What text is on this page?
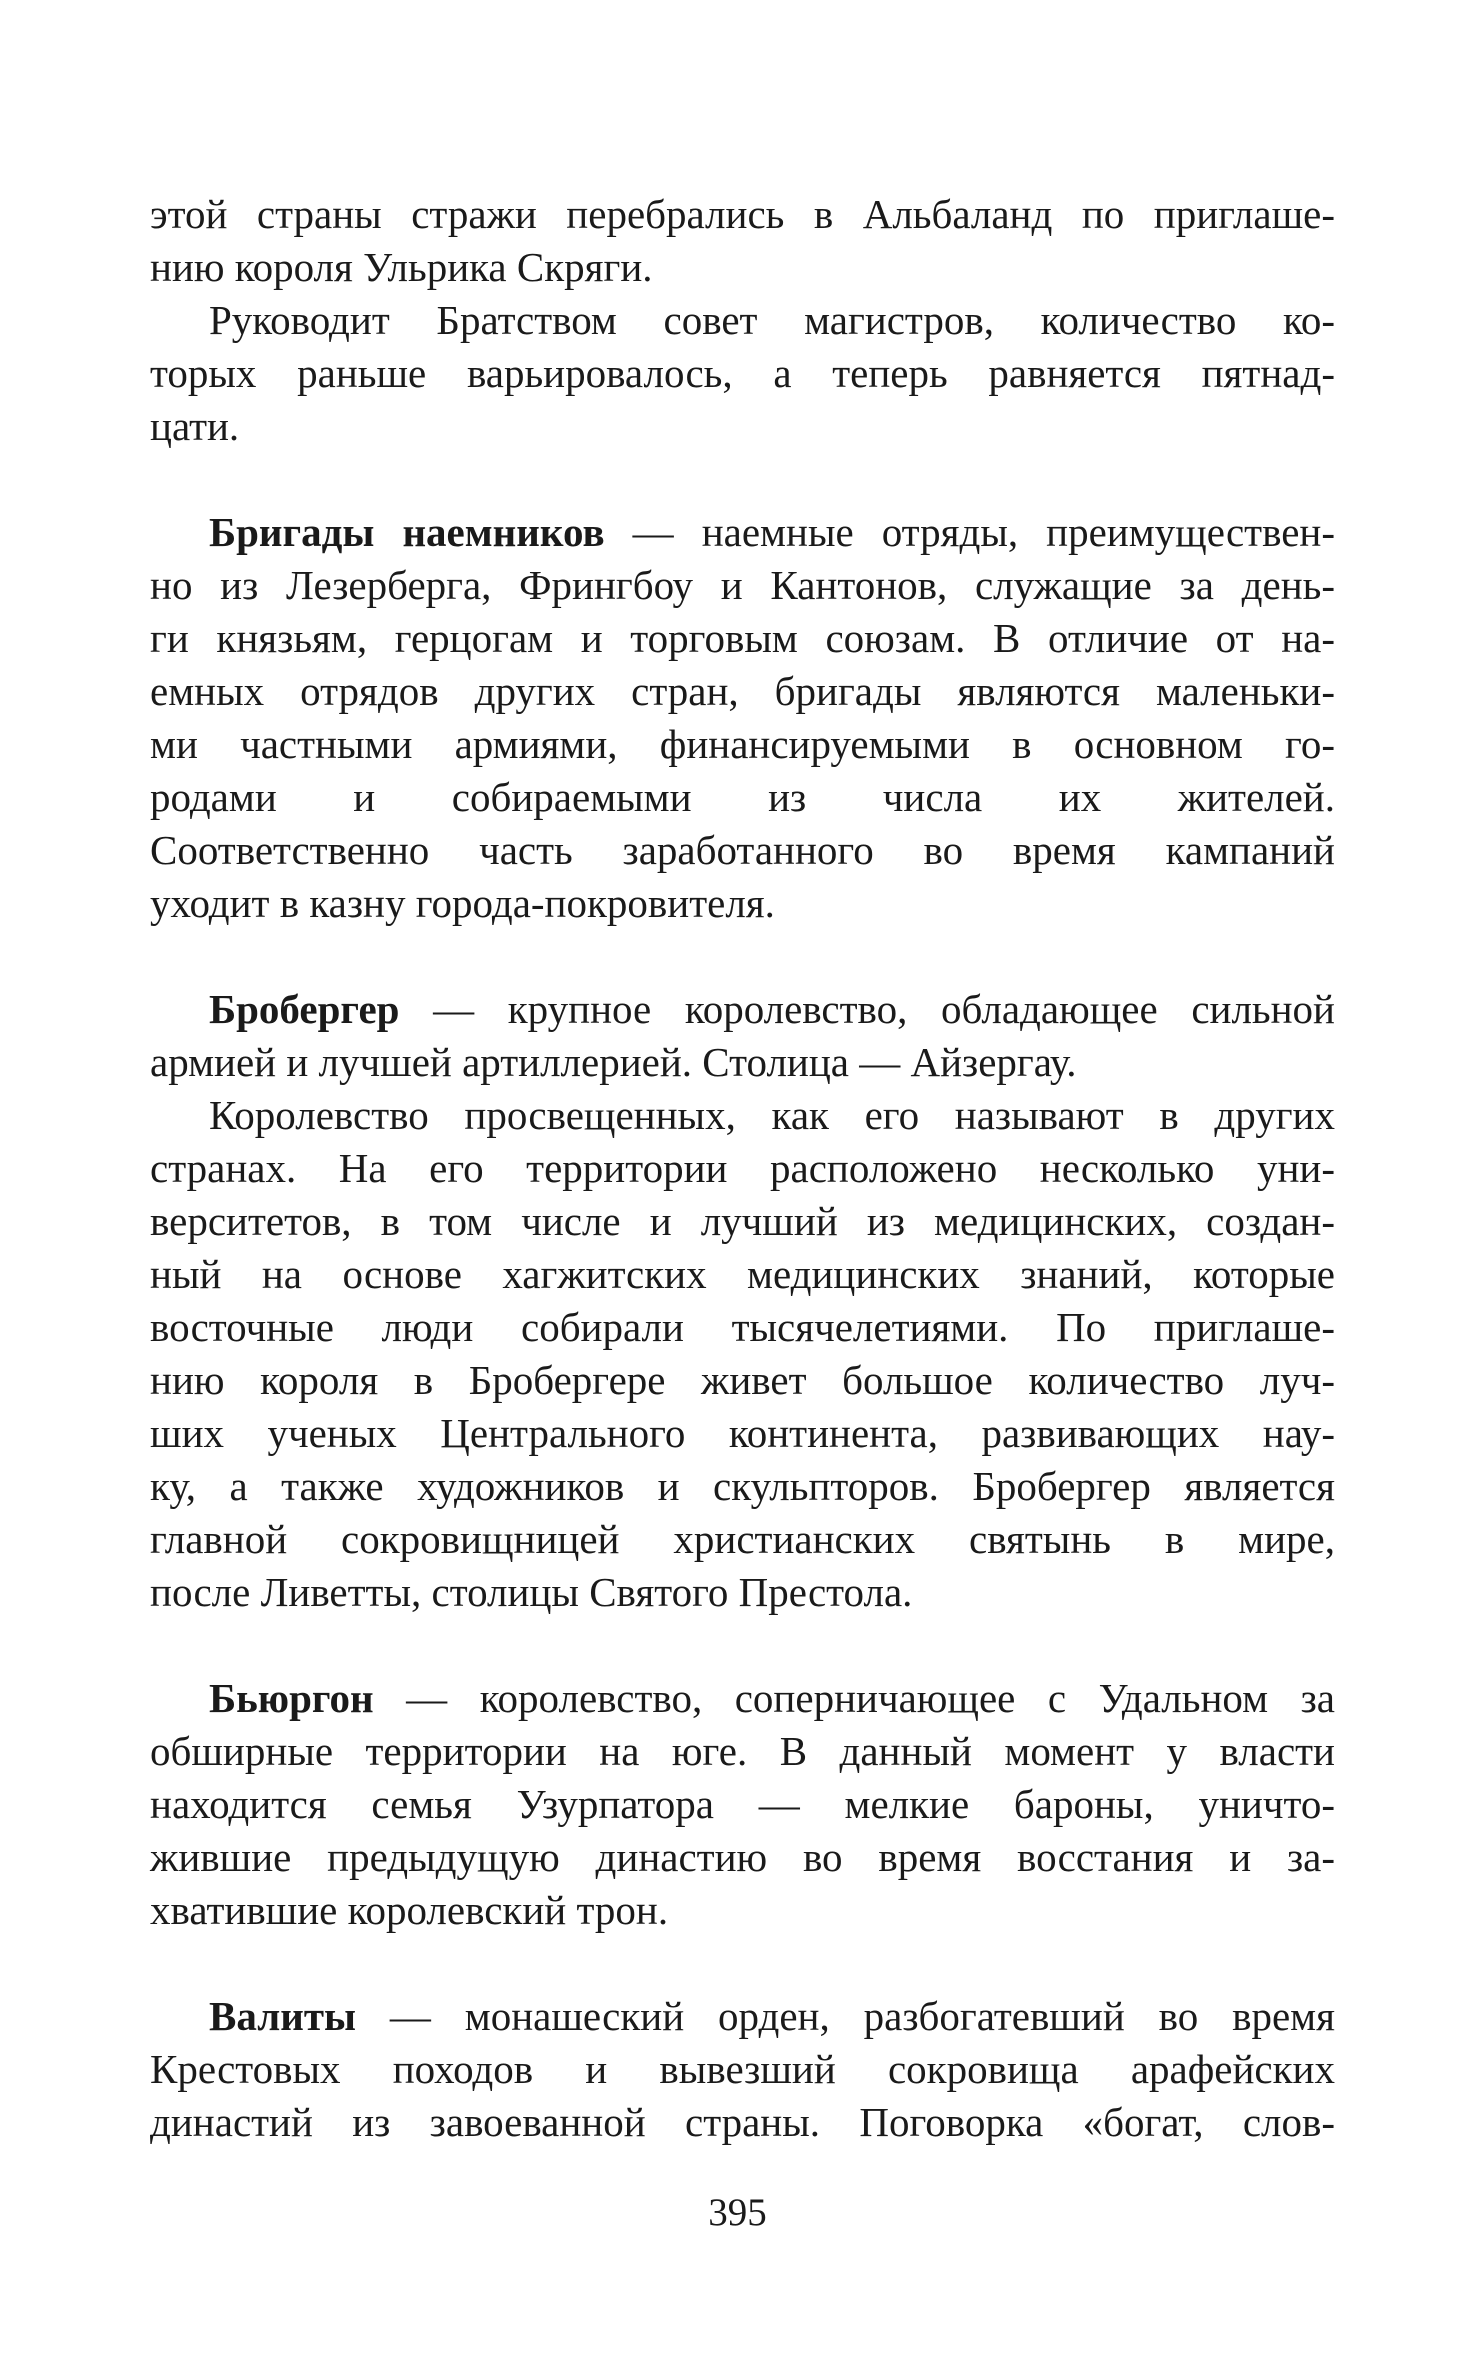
этой страны стражи перебрались в Альбаланд по приглаше-
нию короля Ульрика Скряги.

Руководит Братством совет магистров, количество ко-
торых раньше варьировалось, а теперь равняется пятнад-
цати.

Бригады наемников — наемные отряды, преимуществен-
но из Лезерберга, Фрингбоу и Кантонов, служащие за день-
ги князьям, герцогам и торговым союзам. В отличие от на-
емных отрядов других стран, бригады являются маленьки-
ми частными армиями, финансируемыми в основном го-
родами и собираемыми из числа их жителей.
Соответственно часть заработанного во время кампаний
уходит в казну города-покровителя.

Бробергер — крупное королевство, обладающее сильной
армией и лучшей артиллерией. Столица — Айзергау.

Королевство просвещенных, как его называют в других
странах. На его территории расположено несколько уни-
верситетов, в том числе и лучший из медицинских, создан-
ный на основе хагжитских медицинских знаний, которые
восточные люди собирали тысячелетиями. По приглаше-
нию короля в Бробергере живет большое количество луч-
ших ученых Центрального континента, развивающих нау-
ку, а также художников и скульпторов. Бробергер является
главной сокровищницей христианских святынь в мире,
после Ливетты, столицы Святого Престола.

Бьюргон — королевство, соперничающее с Удальном за
обширные территории на юге. В данный момент у власти
находится семья Узурпатора — мелкие бароны, уничто-
жившие предыдущую династию во время восстания и за-
хватившие королевский трон.

Валиты — монашеский орден, разбогатевший во время
Крестовых походов и вывезший сокровища арафейских
династий из завоеванной страны. Поговорка «богат, слов-

395
